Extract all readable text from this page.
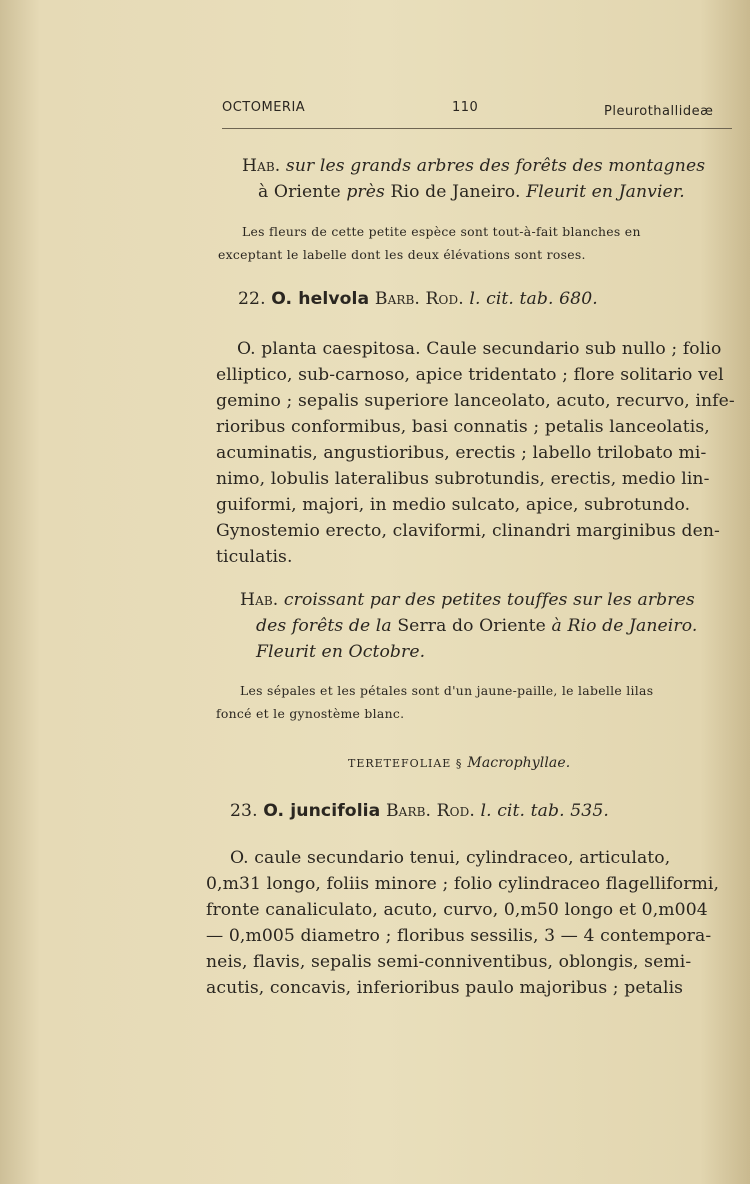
OCTOMERIA	110	Pleurothallideæ
Hab. sur les grands arbres des forêts des montagnes
à Oriente près Rio de Janeiro. Fleurit en Janvier.
Les fleurs de cette petite espèce sont tout-à-fait blanches en
exceptant le labelle dont les deux élévations sont roses.
22. O. helvola Barb. Rod. l. cit. tab. 680.
O. planta caespitosa. Caule secundario sub nullo ; folio
elliptico, sub-carnoso, apice tridentato ; flore solitario vel
gemino ; sepalis superiore lanceolato, acuto, recurvo, infe-
rioribus conformibus, basi connatis ; petalis lanceolatis,
acuminatis, angustioribus, erectis ; labello trilobato mi-
nimo, lobulis lateralibus subrotundis, erectis, medio lin-
guiformi, majori, in medio sulcato, apice, subrotundo.
Gynostemio erecto, claviformi, clinandri marginibus den-
ticulatis.
Hab. croissant par des petites touffes sur les arbres
des forêts de la Serra do Oriente à Rio de Janeiro.
Fleurit en Octobre.
Les sépales et les pétales sont d'un jaune-paille, le labelle lilas
foncé et le gynostème blanc.
TERETEFOLIAE § Macrophyllae.
23. O. juncifolia Barb. Rod. l. cit. tab. 535.
O. caule secundario tenui, cylindraceo, articulato,
0,m31 longo, foliis minore ; folio cylindraceo flagelliformi,
fronte canaliculato, acuto, curvo, 0,m50 longo et 0,m004
— 0,m005 diametro ; floribus sessilis, 3 — 4 contempora-
neis, flavis, sepalis semi-conniventibus, oblongis, semi-
acutis, concavis, inferioribus paulo majoribus ; petalis
